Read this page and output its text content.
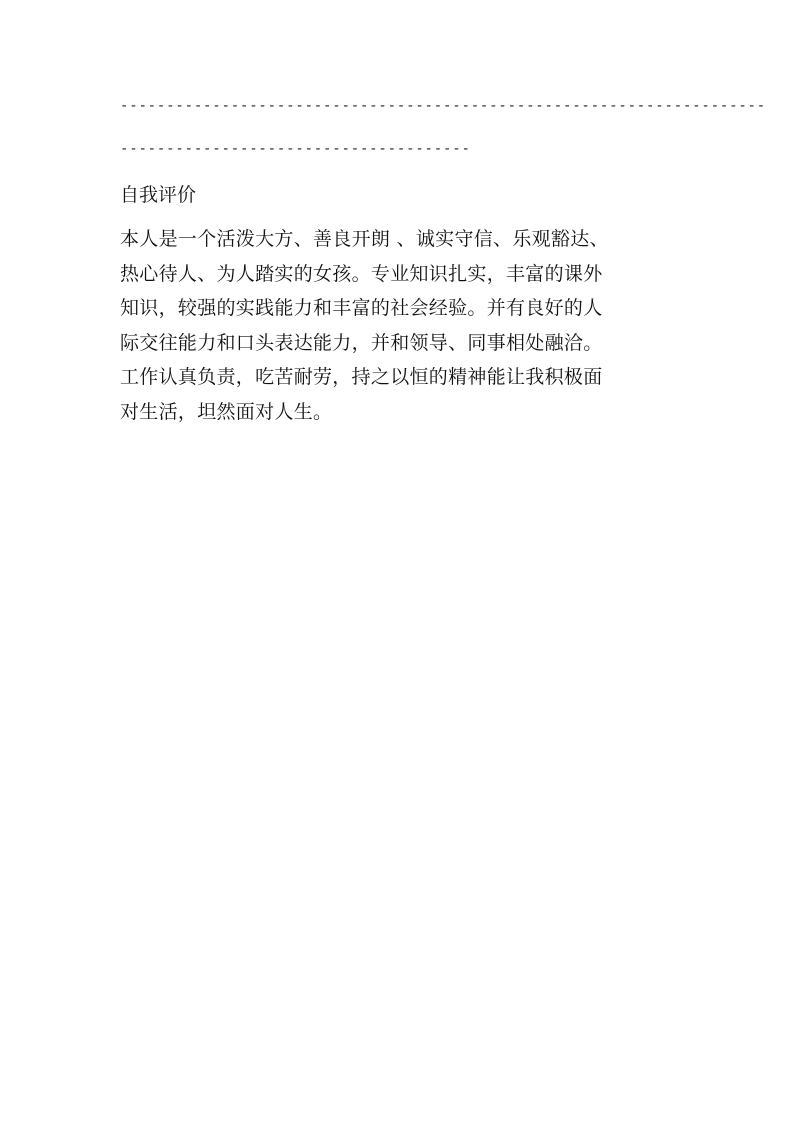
----------------------------------------------------------------------
--------------------------------------
自我评价
本人是一个活泼大方、善良开朗 、诚实守信、乐观豁达、
热心待人、为人踏实的女孩。专业知识扎实，丰富的课外
知识，较强的实践能力和丰富的社会经验。并有良好的人
际交往能力和口头表达能力，并和领导、同事相处融洽。
工作认真负责，吃苦耐劳，持之以恒的精神能让我积极面
对生活，坦然面对人生。
